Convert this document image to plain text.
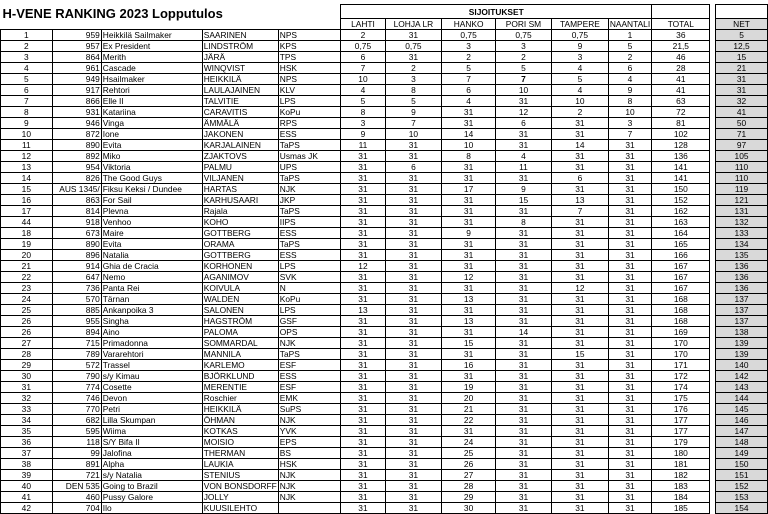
H-VENE RANKING 2023 Lopputulos					SIJOITUKSET								
					LAHTI	LOHJA LR	HANKO	PORI SM	TAMPERE	NAANTALI	TOTAL		NET
1	959	Heikkilä Sailmaker	SAARINEN	NPS	2	31	0,75	0,75	0,75	1	36		5
2	957	Ex President	LINDSTRÖM	KPS	0,75	0,75	3	3	9	5	21,5		12,5
3	864	Merith	JÄRÄ	TPS	6	31	2	2	3	2	46		15
4	961	Cascade	WINQVIST	HSK	7	2	5	5	4	6	28		21
5	949	Hsailmaker	HEIKKILÄ	NPS	10	3	7	7	5	4	41		31
6	917	Rehtori	LAULAJAINEN	KLV	4	8	6	10	4	9	41		31
7	866	Elle II	TALVITIE	LPS	5	5	4	31	10	8	63		32
8	931	Katariina	CARAVITIS	KoPu	8	9	31	12	2	10	72		41
9	946	Vinga	ÄMMÄLÄ	RPS	3	7	31	6	31	3	81		50
10	872	Ione	JAKONEN	ESS	9	10	14	31	31	7	102		71
11	890	Evita	KARJALAINEN	TaPS	11	31	10	31	14	31	128		97
12	892	Miko	ZJAKTOVS	Usmas JK	31	31	8	4	31	31	136		105
13	954	Viktoria	PALMU	UPS	31	6	31	11	31	31	141		110
14	826	The Good Guys	VILJANEN	TaPS	31	31	31	31	6	31	141		110
15	AUS 1345/	Fiksu Keksi / Dundee	HARTAS	NJK	31	31	17	9	31	31	150		119
16	863	For Sail	KARHUSAARI	JKP	31	31	31	15	13	31	152		121
17	814	Plevna	Rajala	TaPS	31	31	31	31	7	31	162		131
44	918	Venhoo	KOHO	IIPS	31	31	31	8	31	31	163		132
18	673	Maire	GOTTBERG	ESS	31	31	9	31	31	31	164		133
19	890	Evita	ORAMA	TaPS	31	31	31	31	31	31	165		134
20	896	Natalia	GOTTBERG	ESS	31	31	31	31	31	31	166		135
21	914	Ghia de Cracia	KORHONEN	LPS	12	31	31	31	31	31	167		136
22	647	Nemo	AGANIMOV	SVK	31	31	12	31	31	31	167		136
23	736	Panta Rei	KOIVULA	N	31	31	31	31	12	31	167		136
24	570	Tärnan	WALDEN	KoPu	31	31	13	31	31	31	168		137
25	885	Ankanpoika 3	SALONEN	LPS	13	31	31	31	31	31	168		137
26	955	Singha	HAGSTRÖM	GSF	31	31	13	31	31	31	168		137
26	894	Aino	PALOMA	OPS	31	31	31	14	31	31	169		138
27	715	Primadonna	SOMMARDAL	NJK	31	31	15	31	31	31	170		139
28	789	Vararehtori	MANNILA	TaPS	31	31	31	31	15	31	170		139
29	572	Trassel	KARLEMO	ESF	31	31	16	31	31	31	171		140
30	790	s/y Kimau	BJÖRKLUND	ESS	31	31	31	31	31	31	172		142
31	774	Cosette	MERENTIE	ESF	31	31	19	31	31	31	174		143
32	746	Devon	Roschier	EMK	31	31	20	31	31	31	175		144
33	770	Petri	HEIKKILÄ	SuPS	31	31	21	31	31	31	176		145
34	682	Lilla Skumpan	ÖHMAN	NJK	31	31	22	31	31	31	177		146
35	595	Wiima	KOTKAS	YVK	31	31	31	31	31	31	177		147
36	118	S/Y Bifa II	MOISIO	EPS	31	31	24	31	31	31	179		148
37	99	Jalofina	THERMAN	BS	31	31	25	31	31	31	180		149
38	891	Alpha	LAUKIA	HSK	31	31	26	31	31	31	181		150
39	721	s/y Natalia	STENIUS	NJK	31	31	27	31	31	31	182		151
40	DEN 535	Going to Brazil	VON BONSDORFF	NJK	31	31	28	31	31	31	183		152
41	460	Pussy Galore	JOLLY	NJK	31	31	29	31	31	31	184		153
42	704	Ilo	KUUSILEHTO		31	31	30	31	31	31	185		154
